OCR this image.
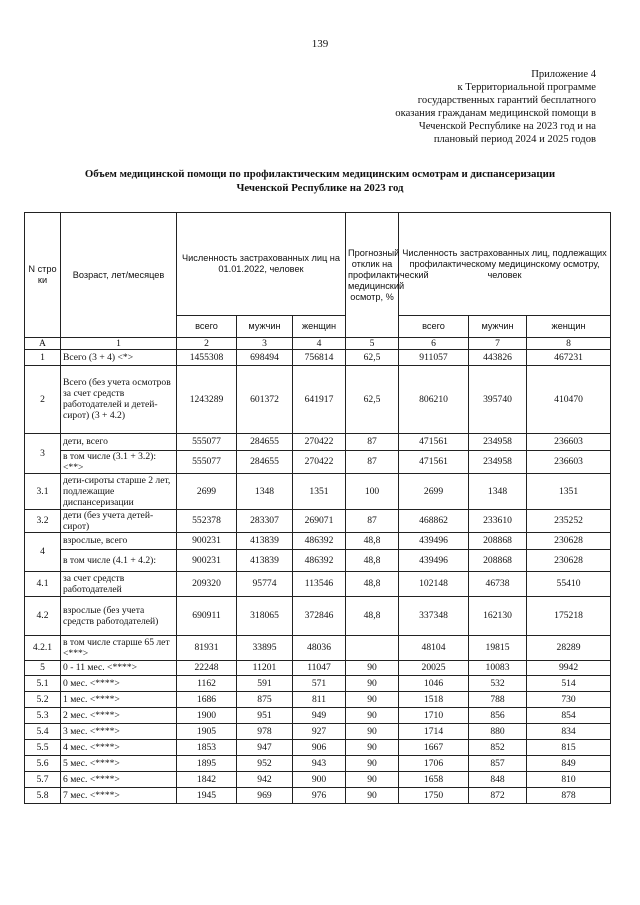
139
Приложение 4
к Территориальной программе
государственных гарантий бесплатного
оказания гражданам медицинской помощи в
Чеченской Республике на 2023 год и на
плановый период 2024 и 2025 годов
Объем медицинской помощи по профилактическим медицинским осмотрам и диспансеризации
Чеченской Республике на 2023 год
N стро ки	Возраст, лет/месяцев	Численность застрахованных лиц на 01.01.2022, человек			Прогнозный отклик на профилактический медицинский осмотр, %	Численность застрахованных лиц, подлежащих профилактическому медицинскому осмотру, человек		
		всего	мужчин	женщин		всего	мужчин	женщин
А	1	2	3	4	5	6	7	8
1	Всего (3 + 4) <*>	1455308	698494	756814	62,5	911057	443826	467231
2	Всего (без учета осмотров за счет средств работодателей и детей-сирот) (3 + 4.2)	1243289	601372	641917	62,5	806210	395740	410470
3	дети, всего	555077	284655	270422	87	471561	234958	236603
	в том числе (3.1 + 3.2): <**>	555077	284655	270422	87	471561	234958	236603
3.1	дети-сироты старше 2 лет, подлежащие диспансеризации	2699	1348	1351	100	2699	1348	1351
3.2	дети (без учета детей-сирот)	552378	283307	269071	87	468862	233610	235252
4	взрослые, всего	900231	413839	486392	48,8	439496	208868	230628
	в том числе (4.1 + 4.2):	900231	413839	486392	48,8	439496	208868	230628
4.1	за счет средств работодателей	209320	95774	113546	48,8	102148	46738	55410
4.2	взрослые (без учета средств работодателей)	690911	318065	372846	48,8	337348	162130	175218
4.2.1	в том числе старше 65 лет <***>	81931	33895	48036		48104	19815	28289
5	0 - 11 мес. <****>	22248	11201	11047	90	20025	10083	9942
5.1	0 мес. <****>	1162	591	571	90	1046	532	514
5.2	1 мес. <****>	1686	875	811	90	1518	788	730
5.3	2 мес. <****>	1900	951	949	90	1710	856	854
5.4	3 мес. <****>	1905	978	927	90	1714	880	834
5.5	4 мес. <****>	1853	947	906	90	1667	852	815
5.6	5 мес. <****>	1895	952	943	90	1706	857	849
5.7	6 мес. <****>	1842	942	900	90	1658	848	810
5.8	7 мес. <****>	1945	969	976	90	1750	872	878
